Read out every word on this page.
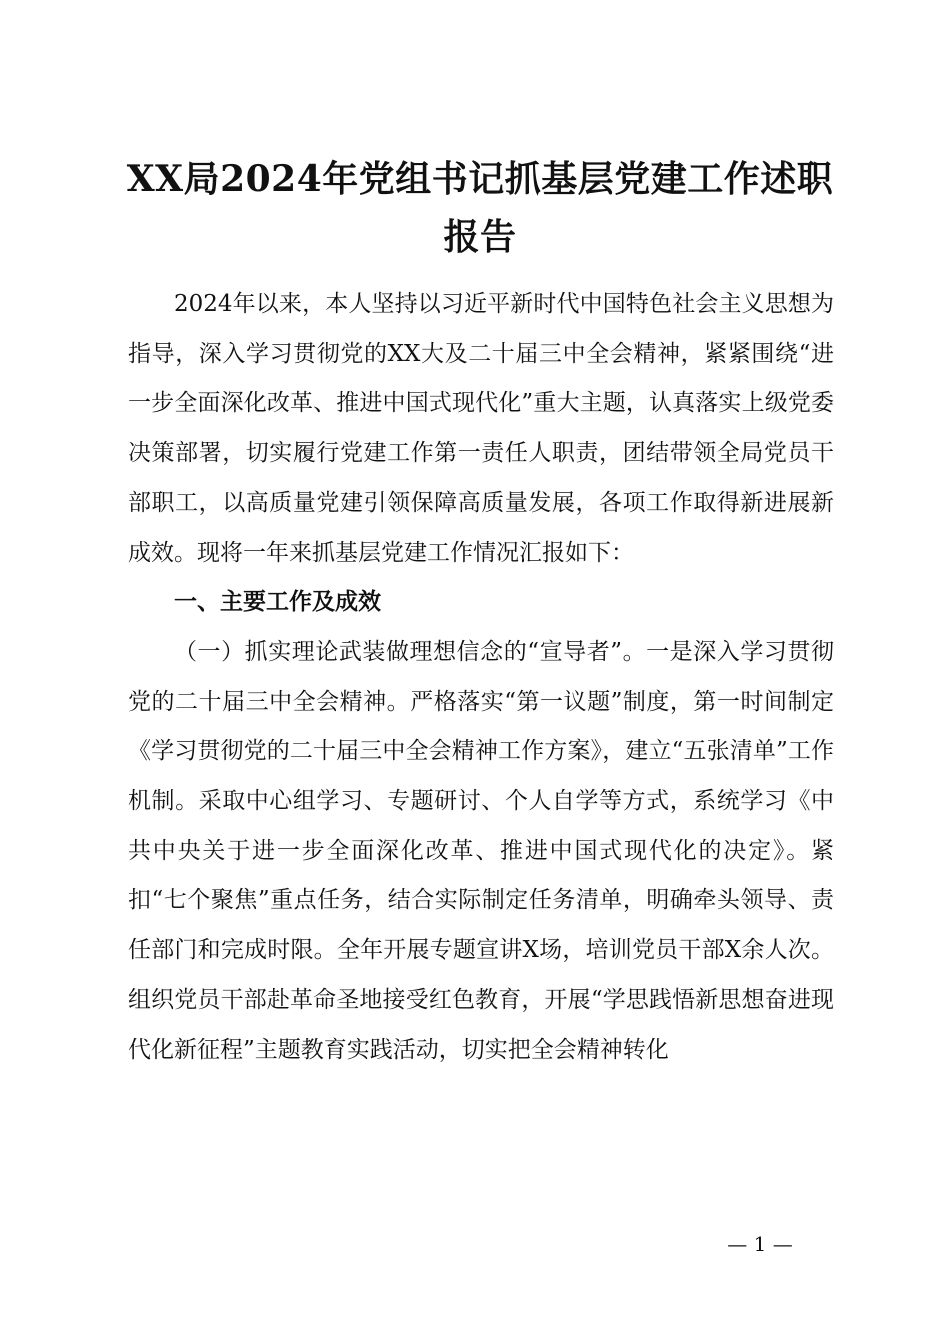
XX局2024年党组书记抓基层党建工作述职报告

2024年以来，本人坚持以习近平新时代中国特色社会主义思想为指导，深入学习贯彻党的XX大及二十届三中全会精神，紧紧围绕“进一步全面深化改革、推进中国式现代化”重大主题，认真落实上级党委决策部署，切实履行党建工作第一责任人职责，团结带领全局党员干部职工，以高质量党建引领保障高质量发展，各项工作取得新进展新成效。现将一年来抓基层党建工作情况汇报如下：

一、主要工作及成效

（一）抓实理论武装做理想信念的“宣导者”。一是深入学习贯彻党的二十届三中全会精神。严格落实“第一议题”制度，第一时间制定《学习贯彻党的二十届三中全会精神工作方案》，建立“五张清单”工作机制。采取中心组学习、专题研讨、个人自学等方式，系统学习《中共中央关于进一步全面深化改革、推进中国式现代化的决定》。紧扣“七个聚焦”重点任务，结合实际制定任务清单，明确牵头领导、责任部门和完成时限。全年开展专题宣讲X场，培训党员干部X余人次。组织党员干部赴革命圣地接受红色教育，开展“学思践悟新思想奋进现代化新征程”主题教育实践活动，切实把全会精神转化

— 1 —
